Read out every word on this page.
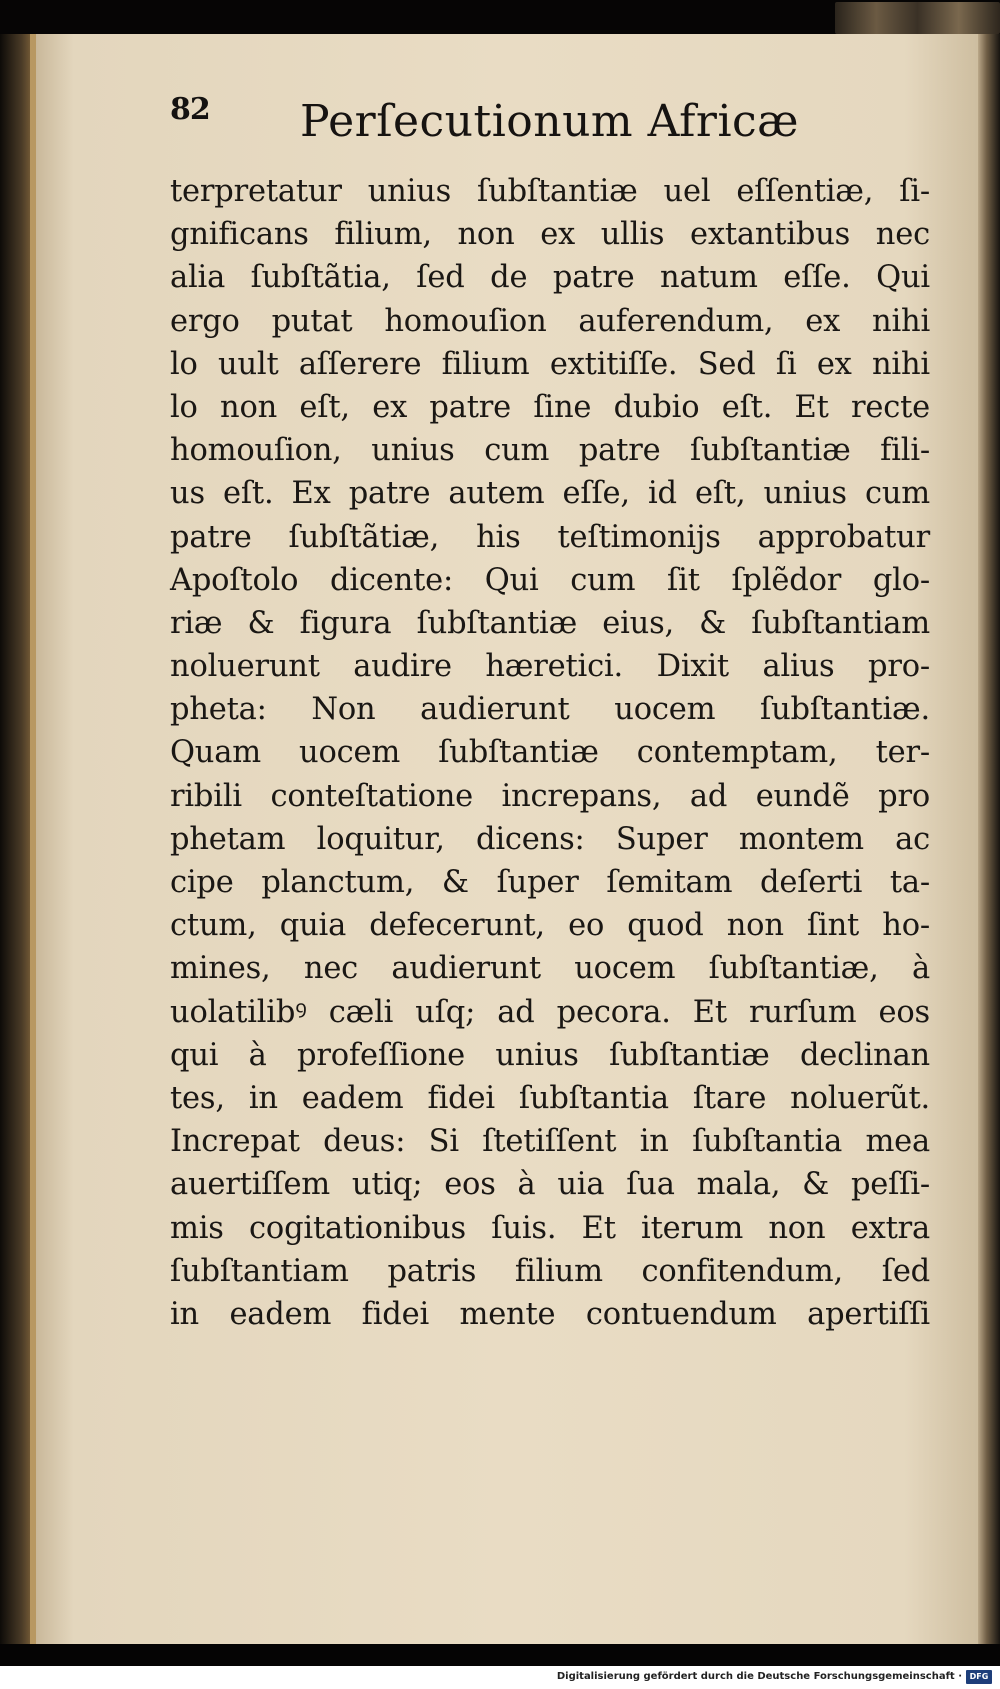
82 Perſecutionum Africæ
terpretatur unius ſubſtantiæ uel eſſentiæ, ſi-
gnificans filium, non ex ullis extantibus nec
alia ſubſtãtia, ſed de patre natum eſſe. Qui
ergo putat homouſion auferendum, ex nihi
lo uult aſſerere filium extitiſſe. Sed ſi ex nihi
lo non eſt, ex patre ſine dubio eſt. Et recte
homouſion, unius cum patre ſubſtantiæ fili-
us eſt. Ex patre autem eſſe, id eſt, unius cum
patre ſubſtãtiæ, his teſtimonijs approbatur
Apoſtolo dicente: Qui cum ſit ſplẽdor glo-
riæ & figura ſubſtantiæ eius, & ſubſtantiam
noluerunt audire hæretici. Dixit alius pro-
pheta: Non audierunt uocem ſubſtantiæ.
Quam uocem ſubſtantiæ contemptam, ter-
ribili conteſtatione increpans, ad eundẽ pro
phetam loquitur, dicens: Super montem ac
cipe planctum, & ſuper ſemitam deſerti ta-
ctum, quia defecerunt, eo quod non ſint ho-
mines, nec audierunt uocem ſubſtantiæ, à
uolatilibꝰ cæli uſq; ad pecora. Et rurſum eos
qui à profeſſione unius ſubſtantiæ declinan
tes, in eadem fidei ſubſtantia ſtare noluerũt.
Increpat deus: Si ſtetiſſent in ſubſtantia mea
auertiſſem utiq; eos à uia ſua mala, & peſſi-
mis cogitationibus ſuis. Et iterum non extra
ſubſtantiam patris filium confitendum, ſed
in eadem fidei mente contuendum apertiſſi
Digitalisierung gefördert durch die Deutsche Forschungsgemeinschaft · DFG
